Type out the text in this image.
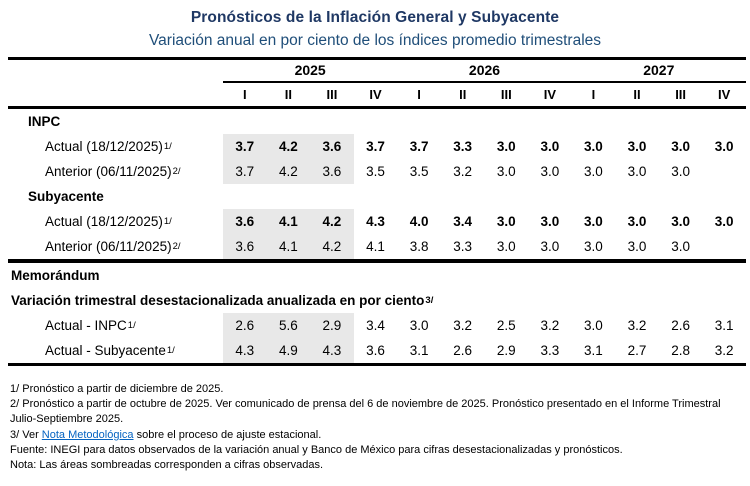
Pronósticos de la Inflación General y Subyacente
Variación anual en por ciento de los índices promedio trimestrales
2025	2026	2027
I	II	III	IV	I	II	III	IV	I	II	III	IV
INPC
Actual (18/12/2025) 1/	3.7	4.2	3.6	3.7	3.7	3.3	3.0	3.0	3.0	3.0	3.0	3.0
Anterior (06/11/2025) 2/	3.7	4.2	3.6	3.5	3.5	3.2	3.0	3.0	3.0	3.0	3.0
Subyacente
Actual (18/12/2025) 1/	3.6	4.1	4.2	4.3	4.0	3.4	3.0	3.0	3.0	3.0	3.0	3.0
Anterior (06/11/2025) 2/	3.6	4.1	4.2	4.1	3.8	3.3	3.0	3.0	3.0	3.0	3.0
Memorándum
Variación trimestral desestacionalizada anualizada en por ciento 3/
Actual - INPC 1/	2.6	5.6	2.9	3.4	3.0	3.2	2.5	3.2	3.0	3.2	2.6	3.1
Actual - Subyacente 1/	4.3	4.9	4.3	3.6	3.1	2.6	2.9	3.3	3.1	2.7	2.8	3.2
1/ Pronóstico a partir de diciembre de 2025.
2/ Pronóstico a partir de octubre de 2025. Ver comunicado de prensa del 6 de noviembre de 2025. Pronóstico presentado en el Informe Trimestral Julio-Septiembre 2025.
3/ Ver Nota Metodológica sobre el proceso de ajuste estacional.
Fuente: INEGI para datos observados de la variación anual y Banco de México para cifras desestacionalizadas y pronósticos.
Nota: Las áreas sombreadas corresponden a cifras observadas.
